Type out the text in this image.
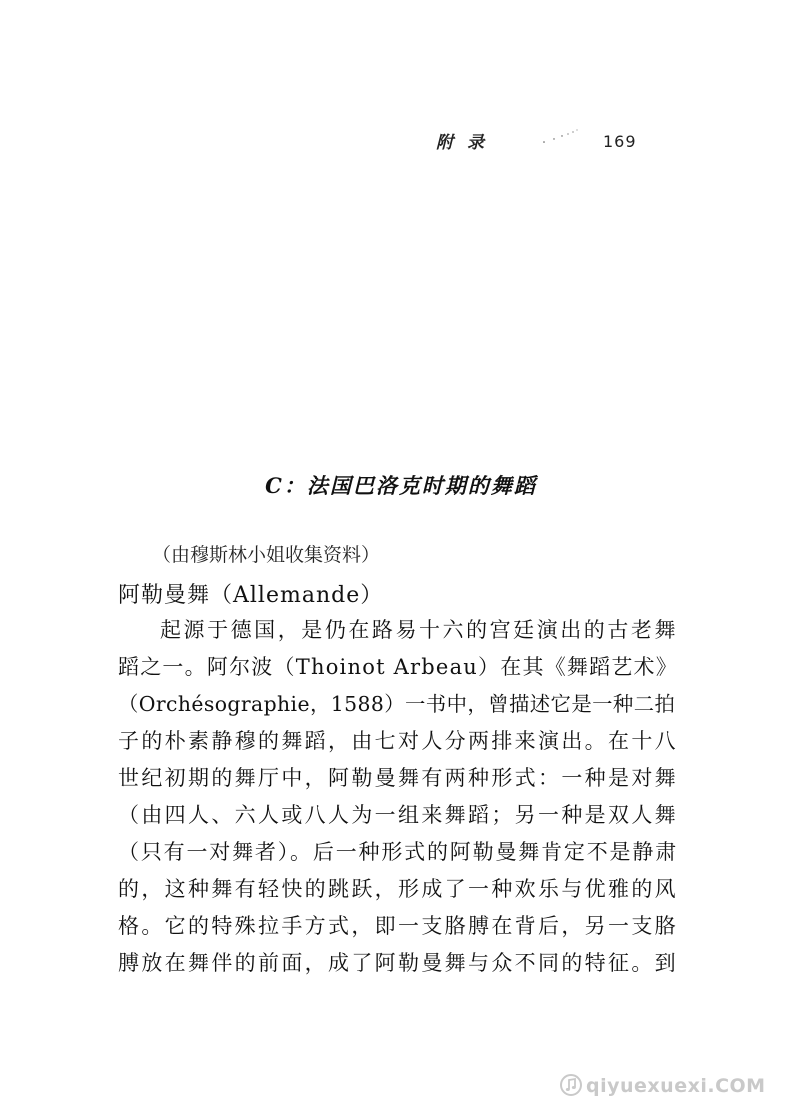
附录	169
C：法国巴洛克时期的舞蹈
（由穆斯林小姐收集资料）
阿勒曼舞（Allemande）
起源于德国，是仍在路易十六的宫廷演出的古老舞
蹈之一。阿尔波（Thoinot Arbeau）在其《舞蹈艺术》
（Orchésographie，1588）一书中，曾描述它是一种二拍
子的朴素静穆的舞蹈，由七对人分两排来演出。在十八
世纪初期的舞厅中，阿勒曼舞有两种形式：一种是对舞
（由四人、六人或八人为一组来舞蹈；另一种是双人舞
（只有一对舞者）。后一种形式的阿勒曼舞肯定不是静肃
的，这种舞有轻快的跳跃，形成了一种欢乐与优雅的风
格。它的特殊拉手方式，即一支胳膊在背后，另一支胳
膊放在舞伴的前面，成了阿勒曼舞与众不同的特征。到
qiyuexuexi.COM
